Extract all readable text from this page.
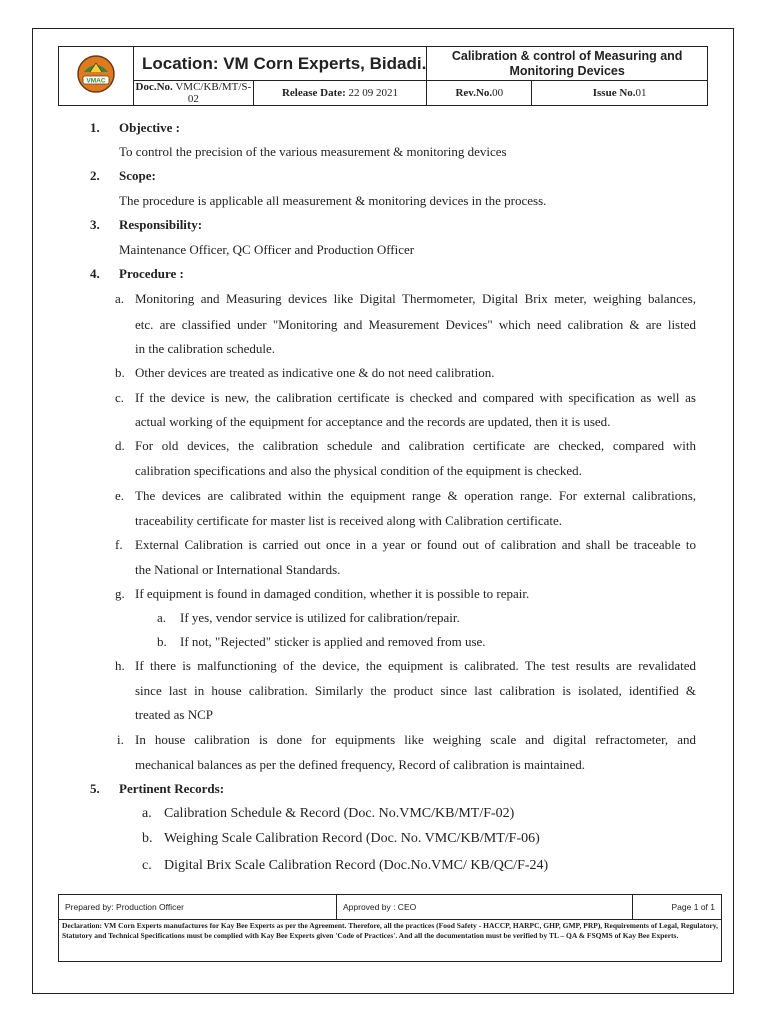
VMAC	Location: VM Corn Experts, Bidadi.		Calibration & control of Measuring and Monitoring Devices	
	Doc.No. VMC/KB/MT/S-02	Release Date: 22 09 2021	Rev.No.00	Issue No.01
1. Objective :
To control the precision of the various measurement & monitoring devices
2. Scope:
The procedure is applicable all measurement & monitoring devices in the process.
3. Responsibility:
Maintenance Officer, QC Officer and Production Officer
4. Procedure :
a. Monitoring and Measuring devices like Digital Thermometer, Digital Brix meter, weighing balances,
etc. are classified under "Monitoring and Measurement Devices" which need calibration & are listed
in the calibration schedule.
b. Other devices are treated as indicative one & do not need calibration.
c. If the device is new, the calibration certificate is checked and compared with specification as well as
actual working of the equipment for acceptance and the records are updated, then it is used.
d. For old devices, the calibration schedule and calibration certificate are checked, compared with
calibration specifications and also the physical condition of the equipment is checked.
e. The devices are calibrated within the equipment range & operation range. For external calibrations,
traceability certificate for master list is received along with Calibration certificate.
f. External Calibration is carried out once in a year or found out of calibration and shall be traceable to
the National or International Standards.
g. If equipment is found in damaged condition, whether it is possible to repair.
a. If yes, vendor service is utilized for calibration/repair.
b. If not, "Rejected" sticker is applied and removed from use.
h. If there is malfunctioning of the device, the equipment is calibrated. The test results are revalidated
since last in house calibration. Similarly the product since last calibration is isolated, identified &
treated as NCP
i. In house calibration is done for equipments like weighing scale and digital refractometer, and
mechanical balances as per the defined frequency, Record of calibration is maintained.
5. Pertinent Records:
a. Calibration Schedule & Record (Doc. No.VMC/KB/MT/F-02)
b. Weighing Scale Calibration Record (Doc. No. VMC/KB/MT/F-06)
c. Digital Brix Scale Calibration Record (Doc.No.VMC/ KB/QC/F-24)
Prepared by: Production Officer	Approved by : CEO	Page 1 of 1
Declaration: VM Corn Experts manufactures for Kay Bee Experts as per the Agreement. Therefore, all the practices (Food Safety - HACCP, HARPC, GHP, GMP, PRP), Requirements of Legal, Regulatory, Statutory and Technical Specifications must be complied with Kay Bee Experts given 'Code of Practices'. And all the documentation must be verified by TL – QA & FSQMS of Kay Bee Experts.
